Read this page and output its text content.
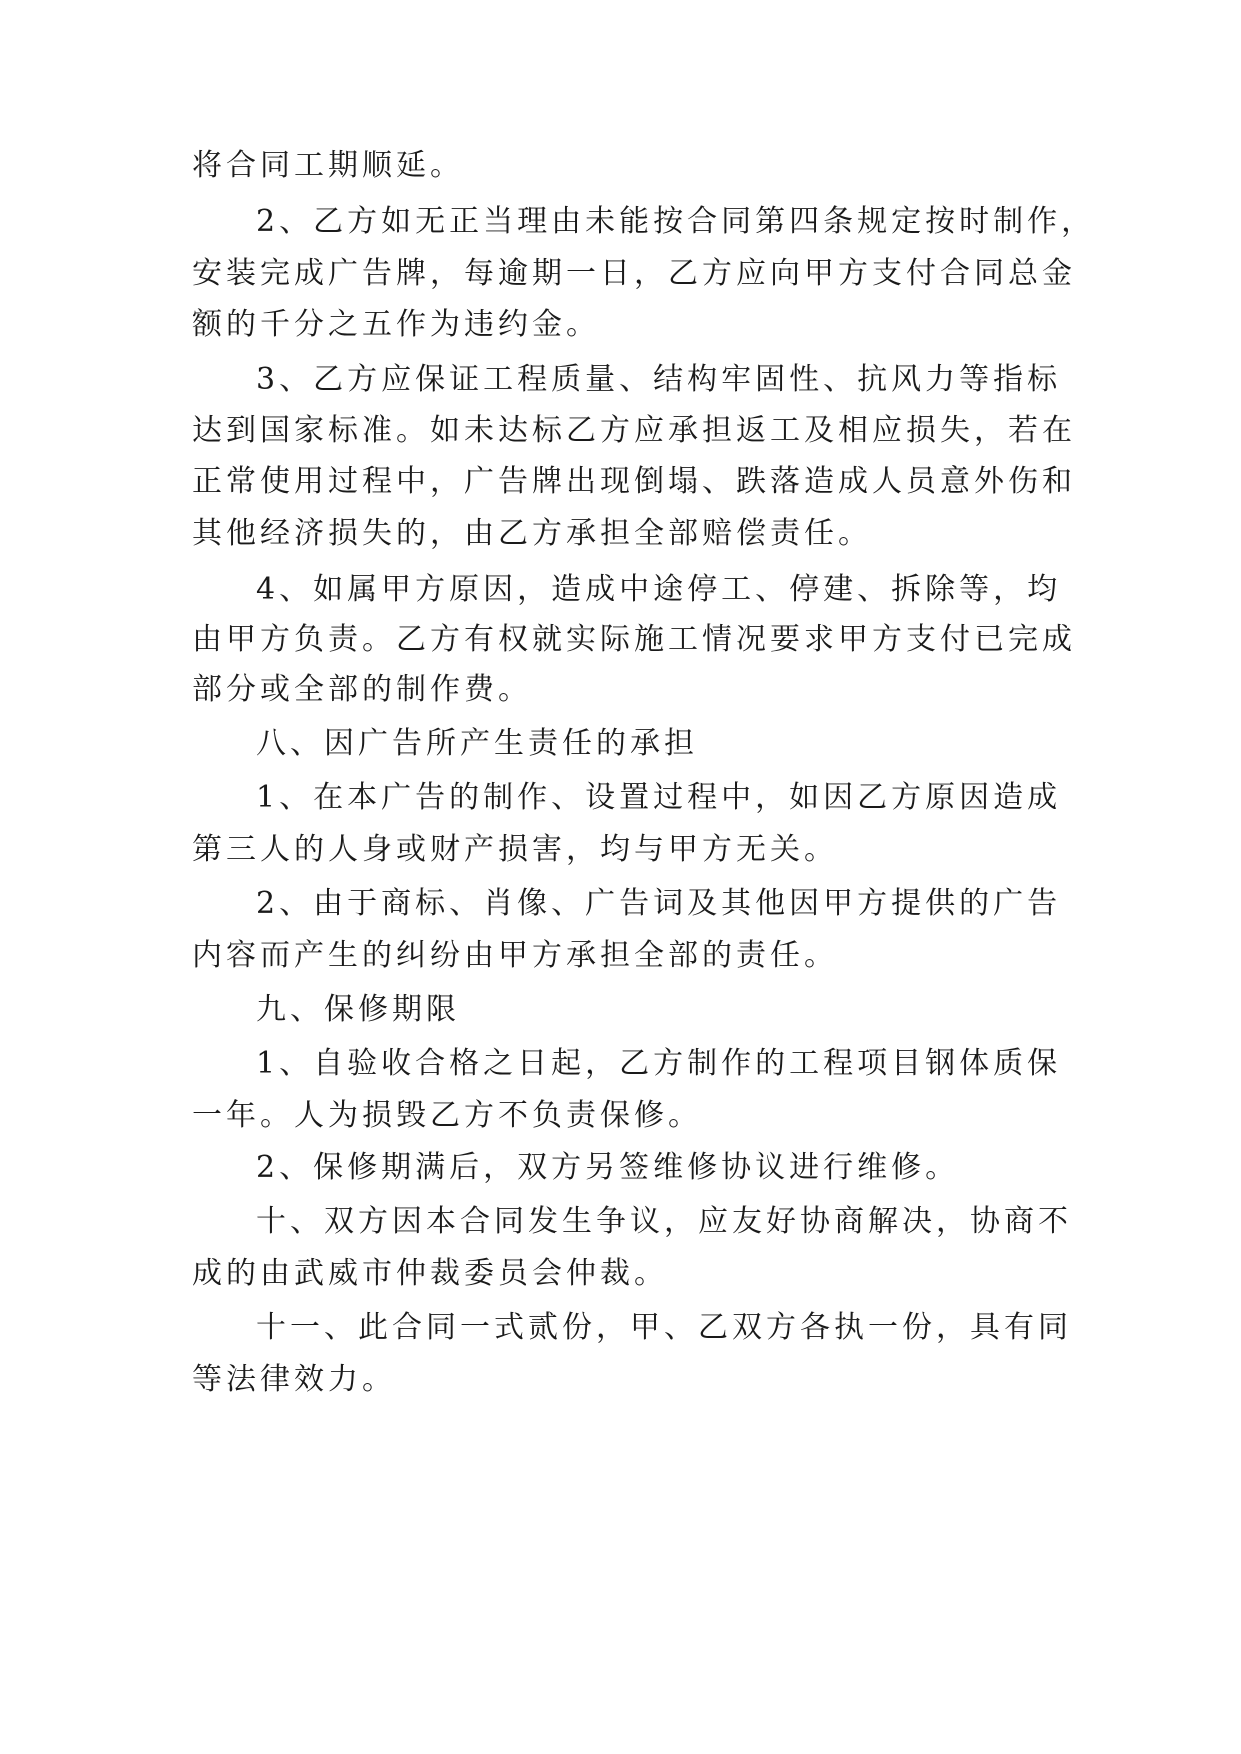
将合同工期顺延。

2、乙方如无正当理由未能按合同第四条规定按时制作，

安装完成广告牌，每逾期一日，乙方应向甲方支付合同总金

额的千分之五作为违约金。

3、乙方应保证工程质量、结构牢固性、抗风力等指标

达到国家标准。如未达标乙方应承担返工及相应损失，若在

正常使用过程中，广告牌出现倒塌、跌落造成人员意外伤和

其他经济损失的，由乙方承担全部赔偿责任。

4、如属甲方原因，造成中途停工、停建、拆除等，均

由甲方负责。乙方有权就实际施工情况要求甲方支付已完成

部分或全部的制作费。

八、因广告所产生责任的承担

1、在本广告的制作、设置过程中，如因乙方原因造成

第三人的人身或财产损害，均与甲方无关。

2、由于商标、肖像、广告词及其他因甲方提供的广告

内容而产生的纠纷由甲方承担全部的责任。

九、保修期限

1、自验收合格之日起，乙方制作的工程项目钢体质保

一年。人为损毁乙方不负责保修。

2、保修期满后，双方另签维修协议进行维修。

十、双方因本合同发生争议，应友好协商解决，协商不

成的由武威市仲裁委员会仲裁。

十一、此合同一式贰份，甲、乙双方各执一份，具有同

等法律效力。
